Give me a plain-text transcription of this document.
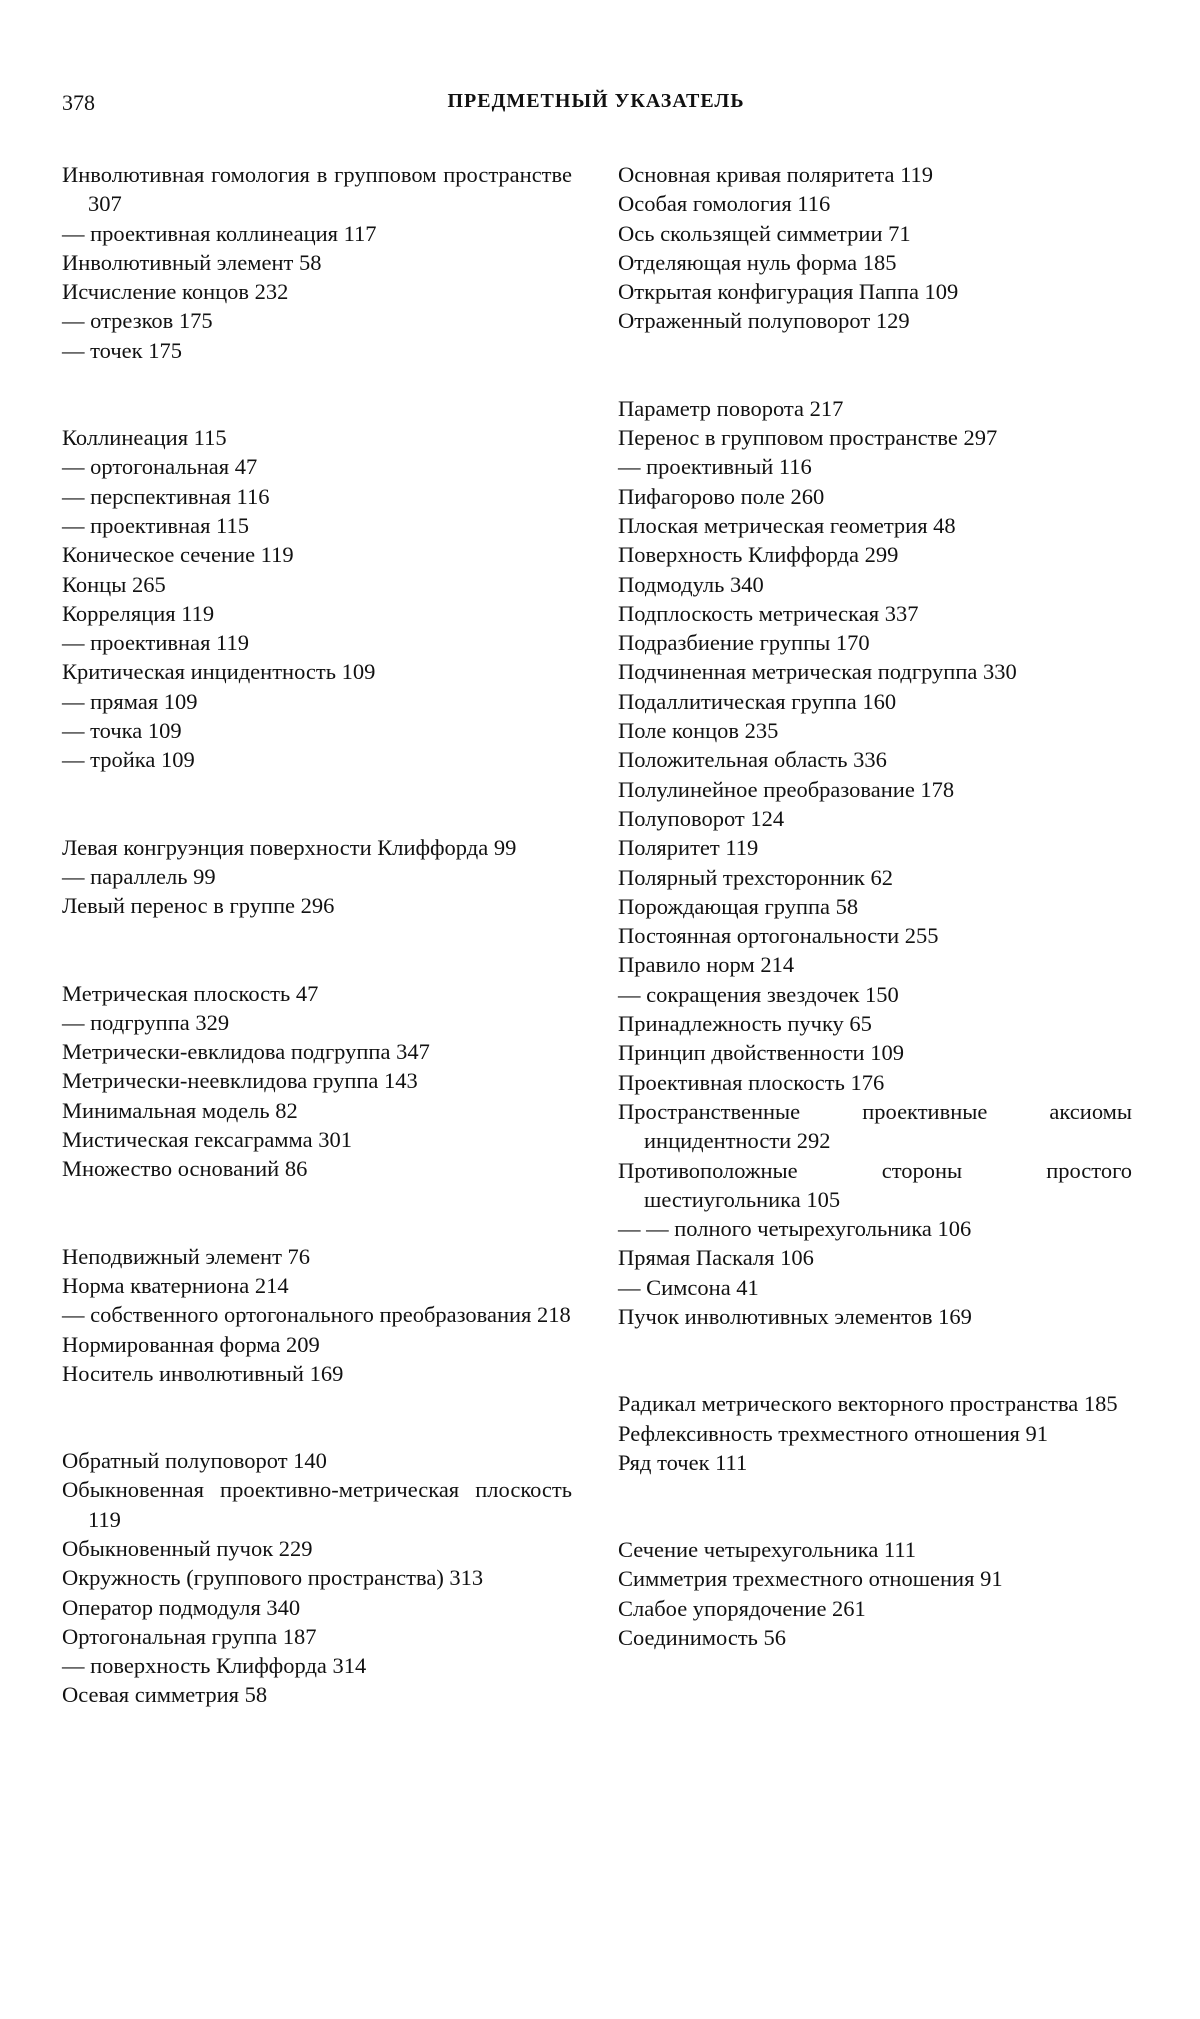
378	ПРЕДМЕТНЫЙ УКАЗАТЕЛЬ
Инволютивная гомология в групповом пространстве 307
— проективная коллинеация 117
Инволютивный элемент 58
Исчисление концов 232
— отрезков 175
— точек 175
Коллинеация 115
— ортогональная 47
— перспективная 116
— проективная 115
Коническое сечение 119
Концы 265
Корреляция 119
— проективная 119
Критическая инцидентность 109
— прямая 109
— точка 109
— тройка 109
Левая конгруэнция поверхности Клиффорда 99
— параллель 99
Левый перенос в группе 296
Метрическая плоскость 47
— подгруппа 329
Метрически-евклидова подгруппа 347
Метрически-неевклидова группа 143
Минимальная модель 82
Мистическая гексаграмма 301
Множество оснований 86
Неподвижный элемент 76
Норма кватерниона 214
— собственного ортогонального преобразования 218
Нормированная форма 209
Носитель инволютивный 169
Обратный полуповорот 140
Обыкновенная проективно-метрическая плоскость 119
Обыкновенный пучок 229
Окружность (группового пространства) 313
Оператор подмодуля 340
Ортогональная группа 187
— поверхность Клиффорда 314
Осевая симметрия 58
Основная кривая поляритета 119
Особая гомология 116
Ось скользящей симметрии 71
Отделяющая нуль форма 185
Открытая конфигурация Паппа 109
Отраженный полуповорот 129
Параметр поворота 217
Перенос в групповом пространстве 297
— проективный 116
Пифагорово поле 260
Плоская метрическая геометрия 48
Поверхность Клиффорда 299
Подмодуль 340
Подплоскость метрическая 337
Подразбиение группы 170
Подчиненная метрическая подгруппа 330
Подаллитическая группа 160
Поле концов 235
Положительная область 336
Полулинейное преобразование 178
Полуповорот 124
Поляритет 119
Полярный трехсторонник 62
Порождающая группа 58
Постоянная ортогональности 255
Правило норм 214
— сокращения звездочек 150
Принадлежность пучку 65
Принцип двойственности 109
Проективная плоскость 176
Пространственные проективные аксиомы инцидентности 292
Противоположные стороны простого шестиугольника 105
— — полного четырехугольника 106
Прямая Паскаля 106
— Симсона 41
Пучок инволютивных элементов 169
Радикал метрического векторного пространства 185
Рефлексивность трехместного отношения 91
Ряд точек 111
Сечение четырехугольника 111
Симметрия трехместного отношения 91
Слабое упорядочение 261
Соединимость 56
